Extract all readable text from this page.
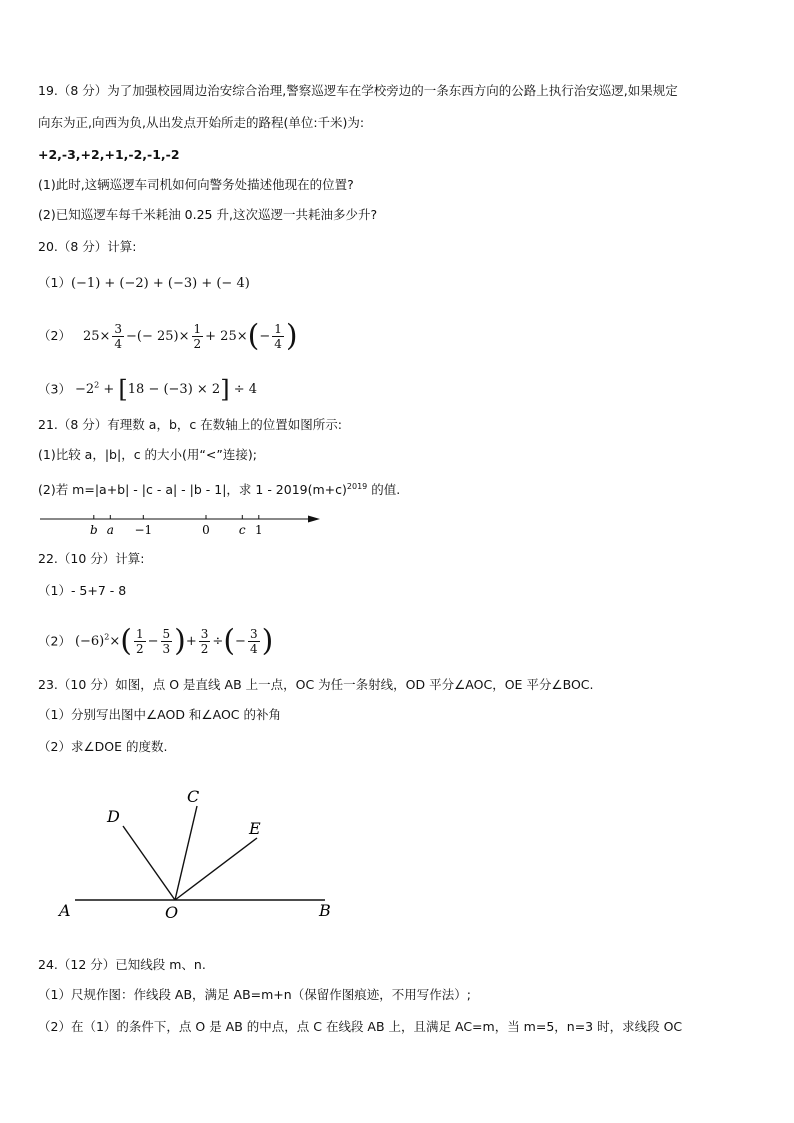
19.（8 分）为了加强校园周边治安综合治理,警察巡逻车在学校旁边的一条东西方向的公路上执行治安巡逻,如果规定
向东为正,向西为负,从出发点开始所走的路程(单位:千米)为:
+2,-3,+2,+1,-2,-1,-2
(1)此时,这辆巡逻车司机如何向警务处描述他现在的位置?
(2)已知巡逻车每千米耗油 0.25 升,这次巡逻一共耗油多少升?
20.（8 分）计算:
（1）(−1) + (−2) + (−3) + (− 4)
（2） $25\times \frac{3}{4}$ −(− $25)\times \frac{1}{2} + 25\times(- \frac{1}{4}$ )
$(3) -2^2 + [18 - (-3) \times 2] \div 4$
21.（8 分）有理数 a，b，c 在数轴上的位置如图所示:
(1)比较 a，|b|，c 的大小(用“<”连接);
(2)若 m=|a+b| - |c - a| - |b - 1|，求 $1 - 2019(m+c)^{2019}$ 的值.
b a −1	0 c 1
22.（10 分）计算:
（1）- 5+7 - 8
（2） $(-6)^2\times( \frac{1}{2} - \frac{5}{3}$ )+ $\frac{3}{2}$ ÷(− $\frac{3}{4}$ )
23.（10 分）如图，点 O 是直线 AB 上一点，OC 为任一条射线，OD 平分∠AOC，OE 平分∠BOC.
（1）分别写出图中∠AOD 和∠AOC 的补角
（2）求∠DOE 的度数.
D
C
E
A	O	B
24.（12 分）已知线段 m、n.
（1）尺规作图：作线段 AB，满足 AB=m+n（保留作图痕迹，不用写作法）;
（2）在（1）的条件下，点 O 是 AB 的中点，点 C 在线段 AB 上，且满足 AC=m，当 m=5，n=3 时，求线段 OC
